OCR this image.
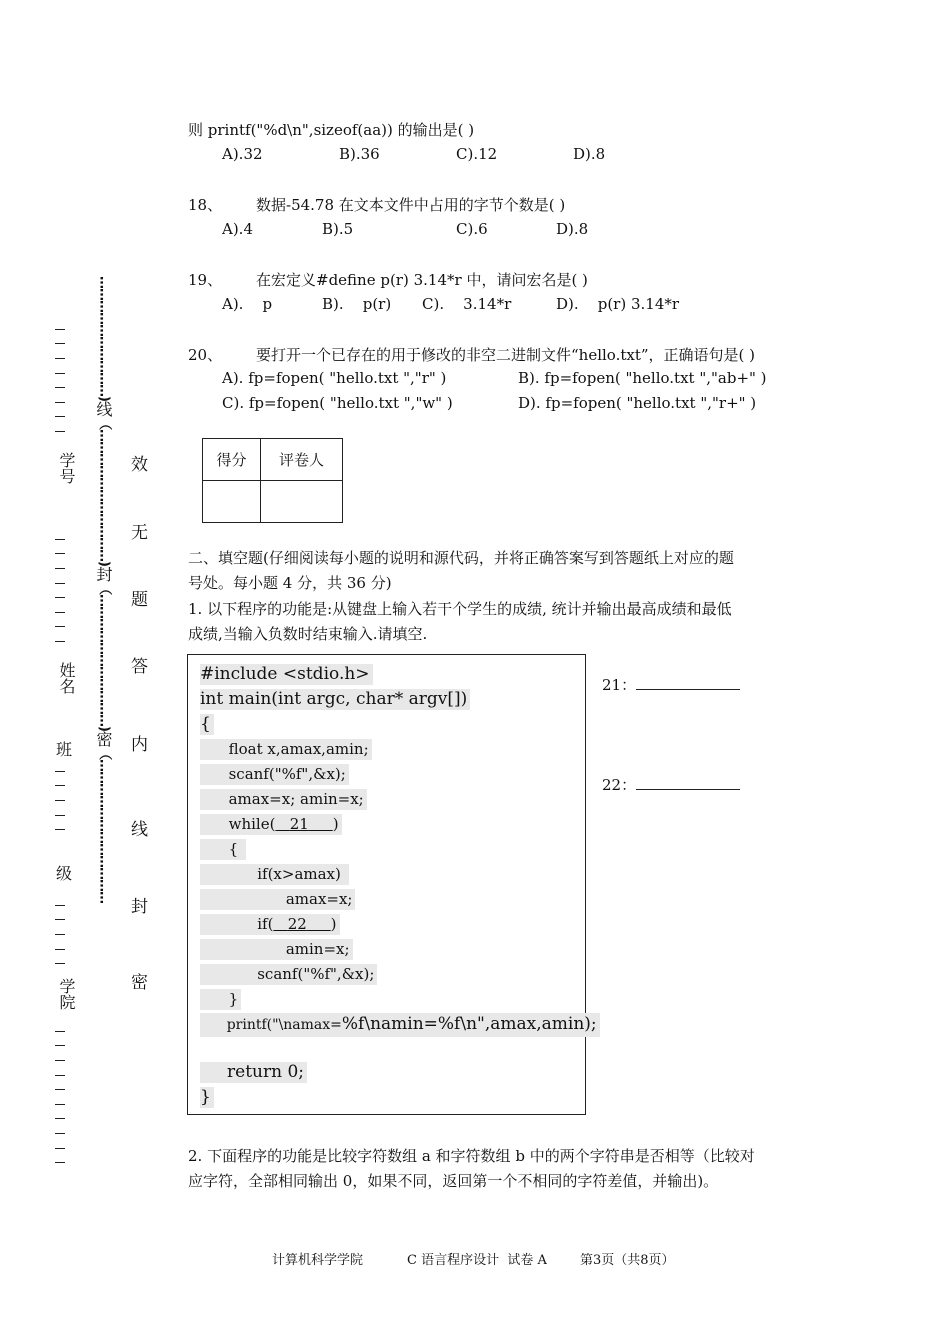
…………………………)
线
（……………………………)
封
（……………………………)
密
（………………………………
学号
姓名
班
级
学院
效
无
题
答
内
线
封
密
则 printf("%d\n",sizeof(aa)) 的输出是( )
A).32	B).36	C).12	D).8
18、 数据-54.78 在文本文件中占用的字节个数是( )
A).4	B).5	C).6	D).8
19、 在宏定义#define p(r) 3.14*r 中，请问宏名是( )
A).    p	B).    p(r) C).    3.14*r	D).    p(r) 3.14*r
20、 要打开一个已存在的用于修改的非空二进制文件“hello.txt”，正确语句是( )
A). fp=fopen( "hello.txt ","r" )	B). fp=fopen( "hello.txt ","ab+" )
C). fp=fopen( "hello.txt ","w" )	D). fp=fopen( "hello.txt ","r+" )
得分	评卷人

二、填空题(仔细阅读每小题的说明和源代码，并将正确答案写到答题纸上对应的题
号处。每小题 4 分，共 36 分)
1. 以下程序的功能是:从键盘上输入若干个学生的成绩, 统计并输出最高成绩和最低
成绩,当输入负数时结束输入.请填空.
#include <stdio.h>
int main(int argc, char* argv[])
{
float x,amax,amin;
scanf("%f",&x);
amax=x; amin=x;
while( 21 )
{
if(x>amax)
amax=x;
if( 22 )
amin=x;
scanf("%f",&x);
}
printf("\namax=%f\namin=%f\n",amax,amin);
return 0;
}
21：
22：
2. 下面程序的功能是比较字符数组 a 和字符数组 b 中的两个字符串是否相等（比较对
应字符，全部相同输出 0，如果不同，返回第一个不相同的字符差值，并输出)。
计算机科学学院	C 语言程序设计  试卷 A	第3页（共8页）
